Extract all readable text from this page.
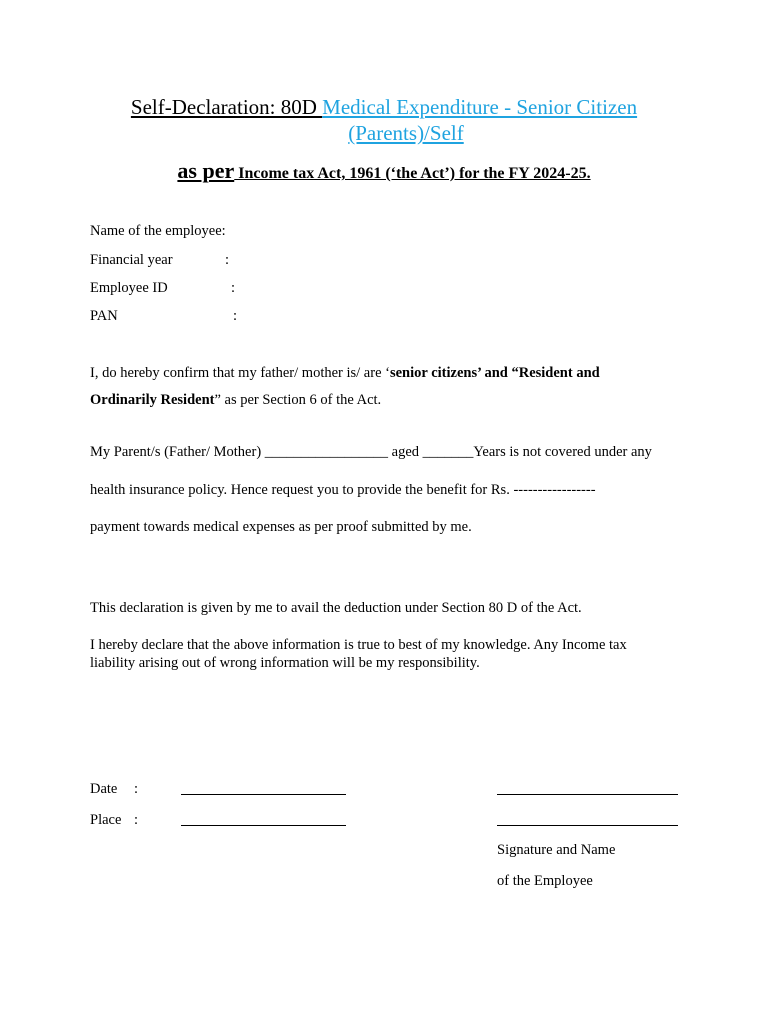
Self-Declaration: 80D Medical Expenditure - Senior Citizen
(Parents)/Self
as per Income tax Act, 1961 (‘the Act’) for the FY 2024-25.
Name of the employee:
Financial year	:
Employee ID	:
PAN	:
I, do hereby confirm that my father/ mother is/ are ‘senior citizens’ and “Resident and
Ordinarily Resident” as per Section 6 of the Act.
My Parent/s (Father/ Mother) _________________ aged _______Years is not covered under any
health insurance policy. Hence request you to provide the benefit for Rs. -----------------
payment towards medical expenses as per proof submitted by me.
This declaration is given by me to avail the deduction under Section 80 D of the Act.
I hereby declare that the above information is true to best of my knowledge. Any Income tax
liability arising out of wrong information will be my responsibility.
Date :
Place :
Signature and Name
of the Employee
